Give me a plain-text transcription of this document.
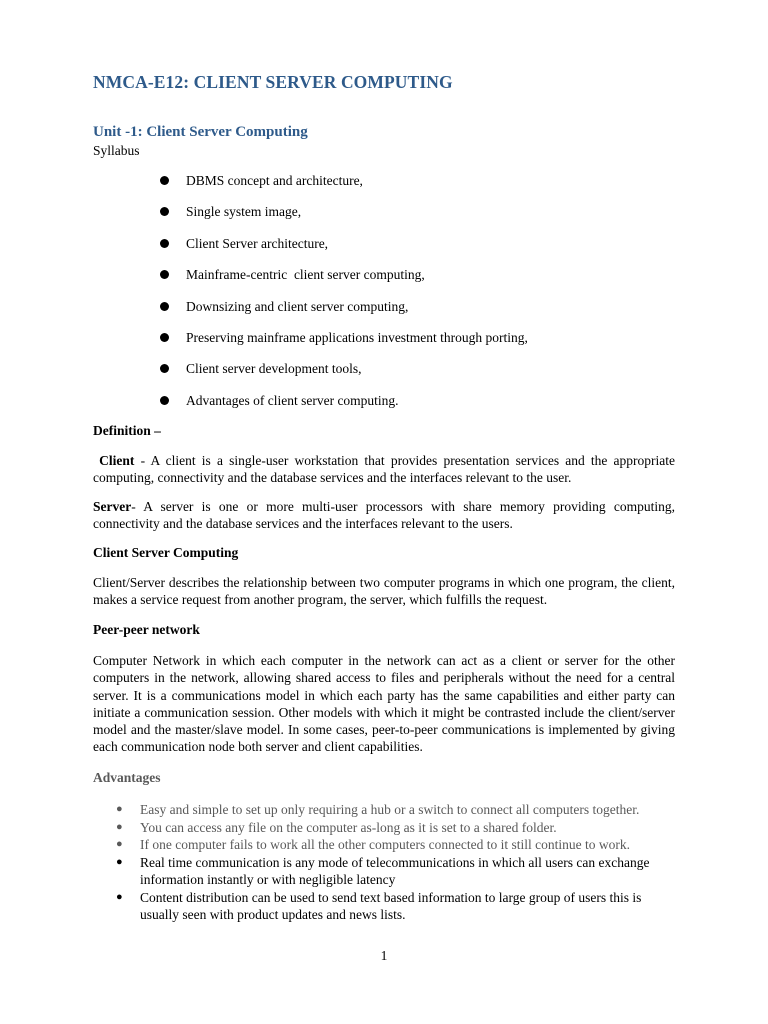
NMCA-E12: CLIENT SERVER COMPUTING
Unit -1: Client Server Computing
Syllabus
DBMS concept and architecture,
Single system image,
Client Server architecture,
Mainframe-centric  client server computing,
Downsizing and client server computing,
Preserving mainframe applications investment through porting,
Client server development tools,
Advantages of client server computing.
Definition –

Client - A client is a single-user workstation that provides presentation services and the appropriate computing, connectivity and the database services and the interfaces relevant to the user.

Server- A server is one or more multi-user processors with share memory providing computing, connectivity and the database services and the interfaces relevant to the users.

Client Server Computing

Client/Server describes the relationship between two computer programs in which one program, the client, makes a service request from another program, the server, which fulfills the request.

Peer-peer network

Computer Network in which each computer in the network can act as a client or server for the other computers in the network, allowing shared access to files and peripherals without the need for a central server. It is a communications model in which each party has the same capabilities and either party can initiate a communication session. Other models with which it might be contrasted include the client/server model and the master/slave model. In some cases, peer-to-peer communications is implemented by giving each communication node both server and client capabilities.

Advantages
●	Easy and simple to set up only requiring a hub or a switch to connect all computers together.
●	You can access any file on the computer as-long as it is set to a shared folder.
●	If one computer fails to work all the other computers connected to it still continue to work.
●	Real time communication is any mode of telecommunications in which all users can exchange information instantly or with negligible latency
●	Content distribution can be used to send text based information to large group of users this is usually seen with product updates and news lists.
1
